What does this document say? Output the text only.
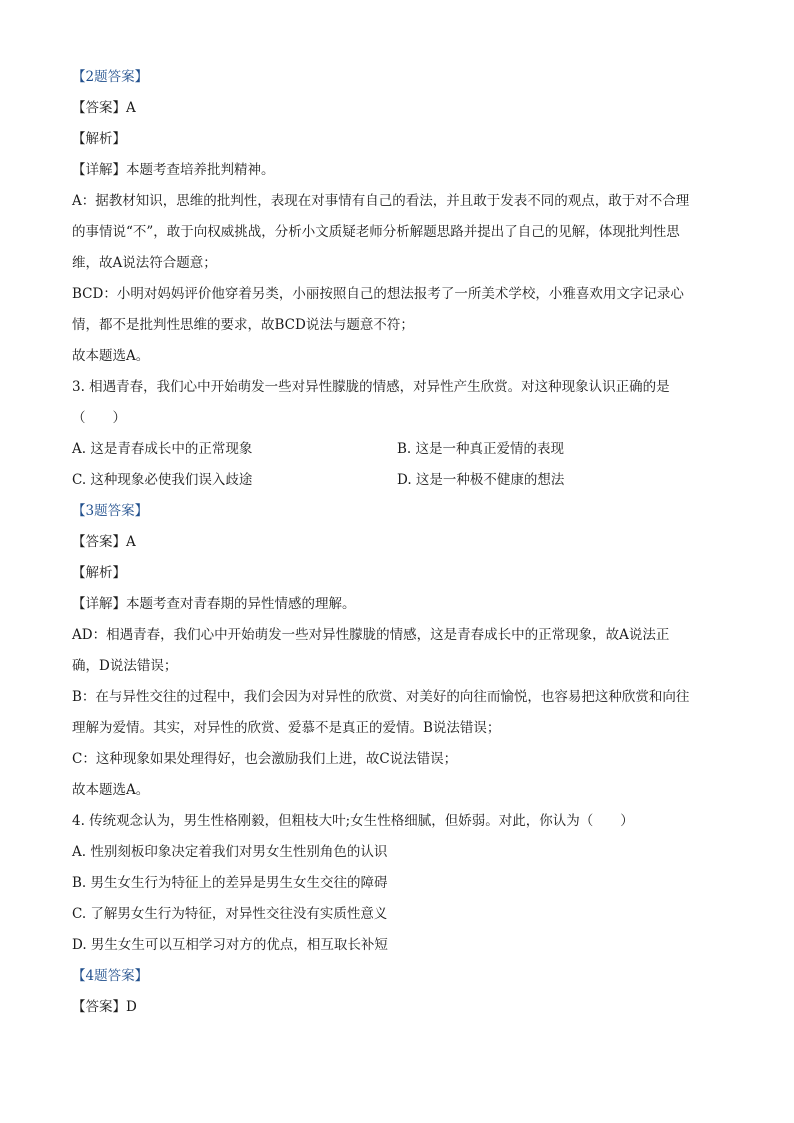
【2题答案】
【答案】A
【解析】
【详解】本题考查培养批判精神。
A：据教材知识，思维的批判性，表现在对事情有自己的看法，并且敢于发表不同的观点，敢于对不合理
的事情说“不”，敢于向权威挑战，分析小文质疑老师分析解题思路并提出了自己的见解，体现批判性思
维，故A说法符合题意；
BCD：小明对妈妈评价他穿着另类，小丽按照自己的想法报考了一所美术学校，小雅喜欢用文字记录心
情，都不是批判性思维的要求，故BCD说法与题意不符；
故本题选A。
3. 相遇青春，我们心中开始萌发一些对异性朦胧的情感，对异性产生欣赏。对这种现象认识正确的是
（　　）
A. 这是青春成长中的正常现象	B. 这是一种真正爱情的表现
C. 这种现象必使我们误入歧途	D. 这是一种极不健康的想法
【3题答案】
【答案】A
【解析】
【详解】本题考查对青春期的异性情感的理解。
AD：相遇青春，我们心中开始萌发一些对异性朦胧的情感，这是青春成长中的正常现象，故A说法正
确，D说法错误；
B：在与异性交往的过程中，我们会因为对异性的欣赏、对美好的向往而愉悦，也容易把这种欣赏和向往
理解为爱情。其实，对异性的欣赏、爱慕不是真正的爱情。B说法错误；
C：这种现象如果处理得好，也会激励我们上进，故C说法错误；
故本题选A。
4. 传统观念认为，男生性格刚毅，但粗枝大叶;女生性格细腻，但娇弱。对此，你认为（　　）
A. 性别刻板印象决定着我们对男女生性别角色的认识
B. 男生女生行为特征上的差异是男生女生交往的障碍
C. 了解男女生行为特征，对异性交往没有实质性意义
D. 男生女生可以互相学习对方的优点，相互取长补短
【4题答案】
【答案】D
